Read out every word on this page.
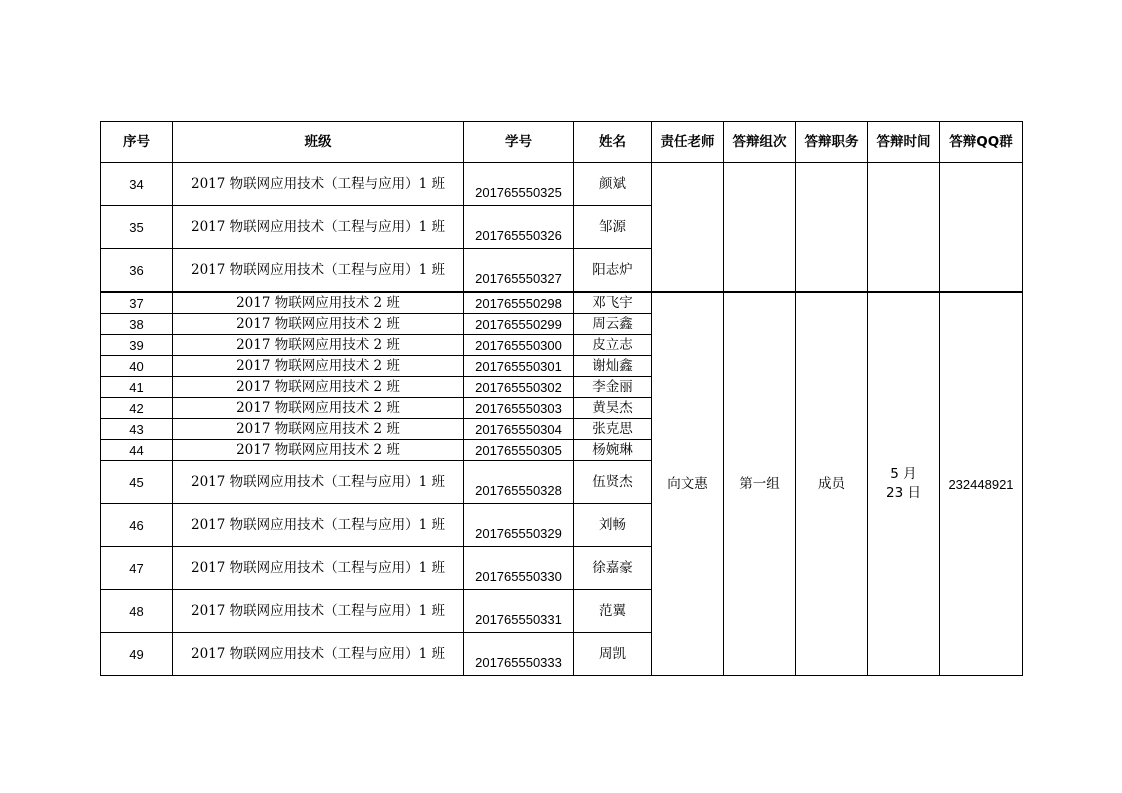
序号	班级	学号	姓名	责任老师	答辩组次	答辩职务	答辩时间	答辩QQ群
34	2017 物联网应用技术（工程与应用）1 班	201765550325	颜斌					
35	2017 物联网应用技术（工程与应用）1 班	201765550326	邹源					
36	2017 物联网应用技术（工程与应用）1 班	201765550327	阳志炉					
37	2017 物联网应用技术 2 班	201765550298	邓飞宇	向文惠	第一组	成员	5 月 23 日	232448921
38	2017 物联网应用技术 2 班	201765550299	周云鑫					
39	2017 物联网应用技术 2 班	201765550300	皮立志					
40	2017 物联网应用技术 2 班	201765550301	谢灿鑫					
41	2017 物联网应用技术 2 班	201765550302	李金丽					
42	2017 物联网应用技术 2 班	201765550303	黄昊杰					
43	2017 物联网应用技术 2 班	201765550304	张克思					
44	2017 物联网应用技术 2 班	201765550305	杨婉琳					
45	2017 物联网应用技术（工程与应用）1 班	201765550328	伍贤杰					
46	2017 物联网应用技术（工程与应用）1 班	201765550329	刘畅					
47	2017 物联网应用技术（工程与应用）1 班	201765550330	徐嘉豪					
48	2017 物联网应用技术（工程与应用）1 班	201765550331	范翼					
49	2017 物联网应用技术（工程与应用）1 班	201765550333	周凯					
